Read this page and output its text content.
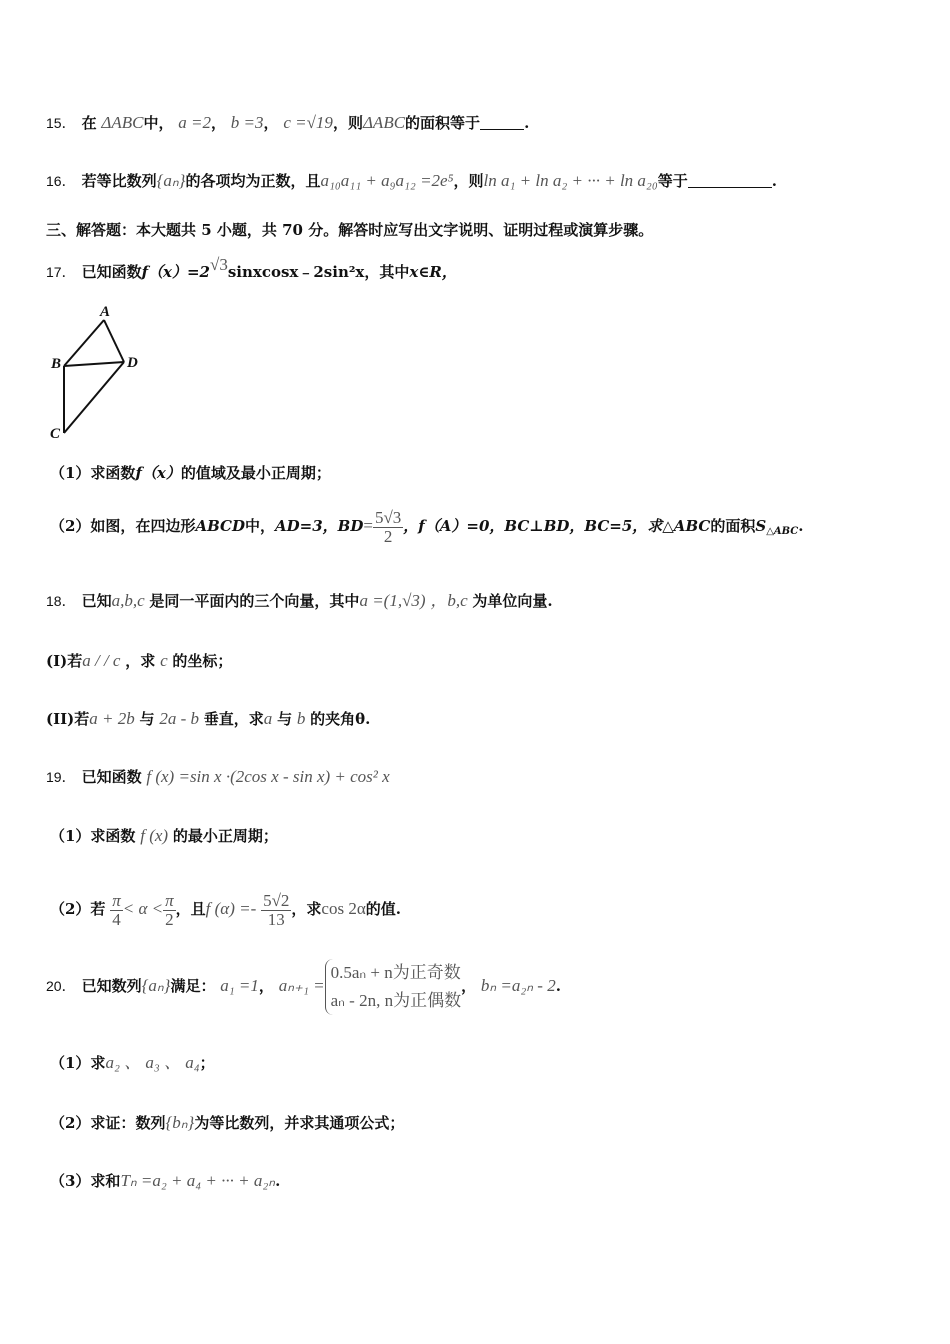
15． 在 ΔABC中， a =2， b =3， c =√19，则ΔABC的面积等于	.
16． 若等比数列{aₙ}的各项均为正数，且a₁₀a₁₁ + a₉a₁₂ =2e⁵，则ln a₁ + ln a₂ + ··· + ln a₂₀等于	.
三、解答题：本大题共 5 小题，共 70 分。解答时应写出文字说明、证明过程或演算步骤。
17． 已知函数f（x）=2√3sinxcosx﹣2sin²x，其中x∈R，
A
B	D
C
（1）求函数f（x）的值域及最小正周期；
（2）如图，在四边形ABCD中，AD=3，$BD= \frac{5√3}{2}$ ，f（A）=0，BC⊥BD，BC=5，求△ABC的面积$S_{\triangle ABC}$.
18． 已知a,b,c 是同一平面内的三个向量，其中a =(1,√3) ，b,c 为单位向量.
(I)若a / / c ，求 c 的坐标；
(II)若a + 2b 与 2a - b 垂直，求a 与 b 的夹角θ.
19． 已知函数 f (x) =sin x ·(2cos x - sin x) + cos² x
（1）求函数 f (x) 的最小正周期；
（2）若 $\frac{\pi}{4} < \alpha < \frac{\pi}{2}$ ，且f $(\alpha) =- \frac{5√2}{13}$ ，求cos 2α的值.
20． 已知数列{aₙ}满足： a₁ =1， aₙ₊₁ =
0.5aₙ + n为正奇数
aₙ - 2n, n为正偶数
， bₙ =a₂ₙ - 2.
（1）求a₂ 、 a₃ 、 a₄；
（2）求证：数列{bₙ}为等比数列，并求其通项公式；
（3）求和Tₙ =a₂ + a₄ + ··· + a₂ₙ.
